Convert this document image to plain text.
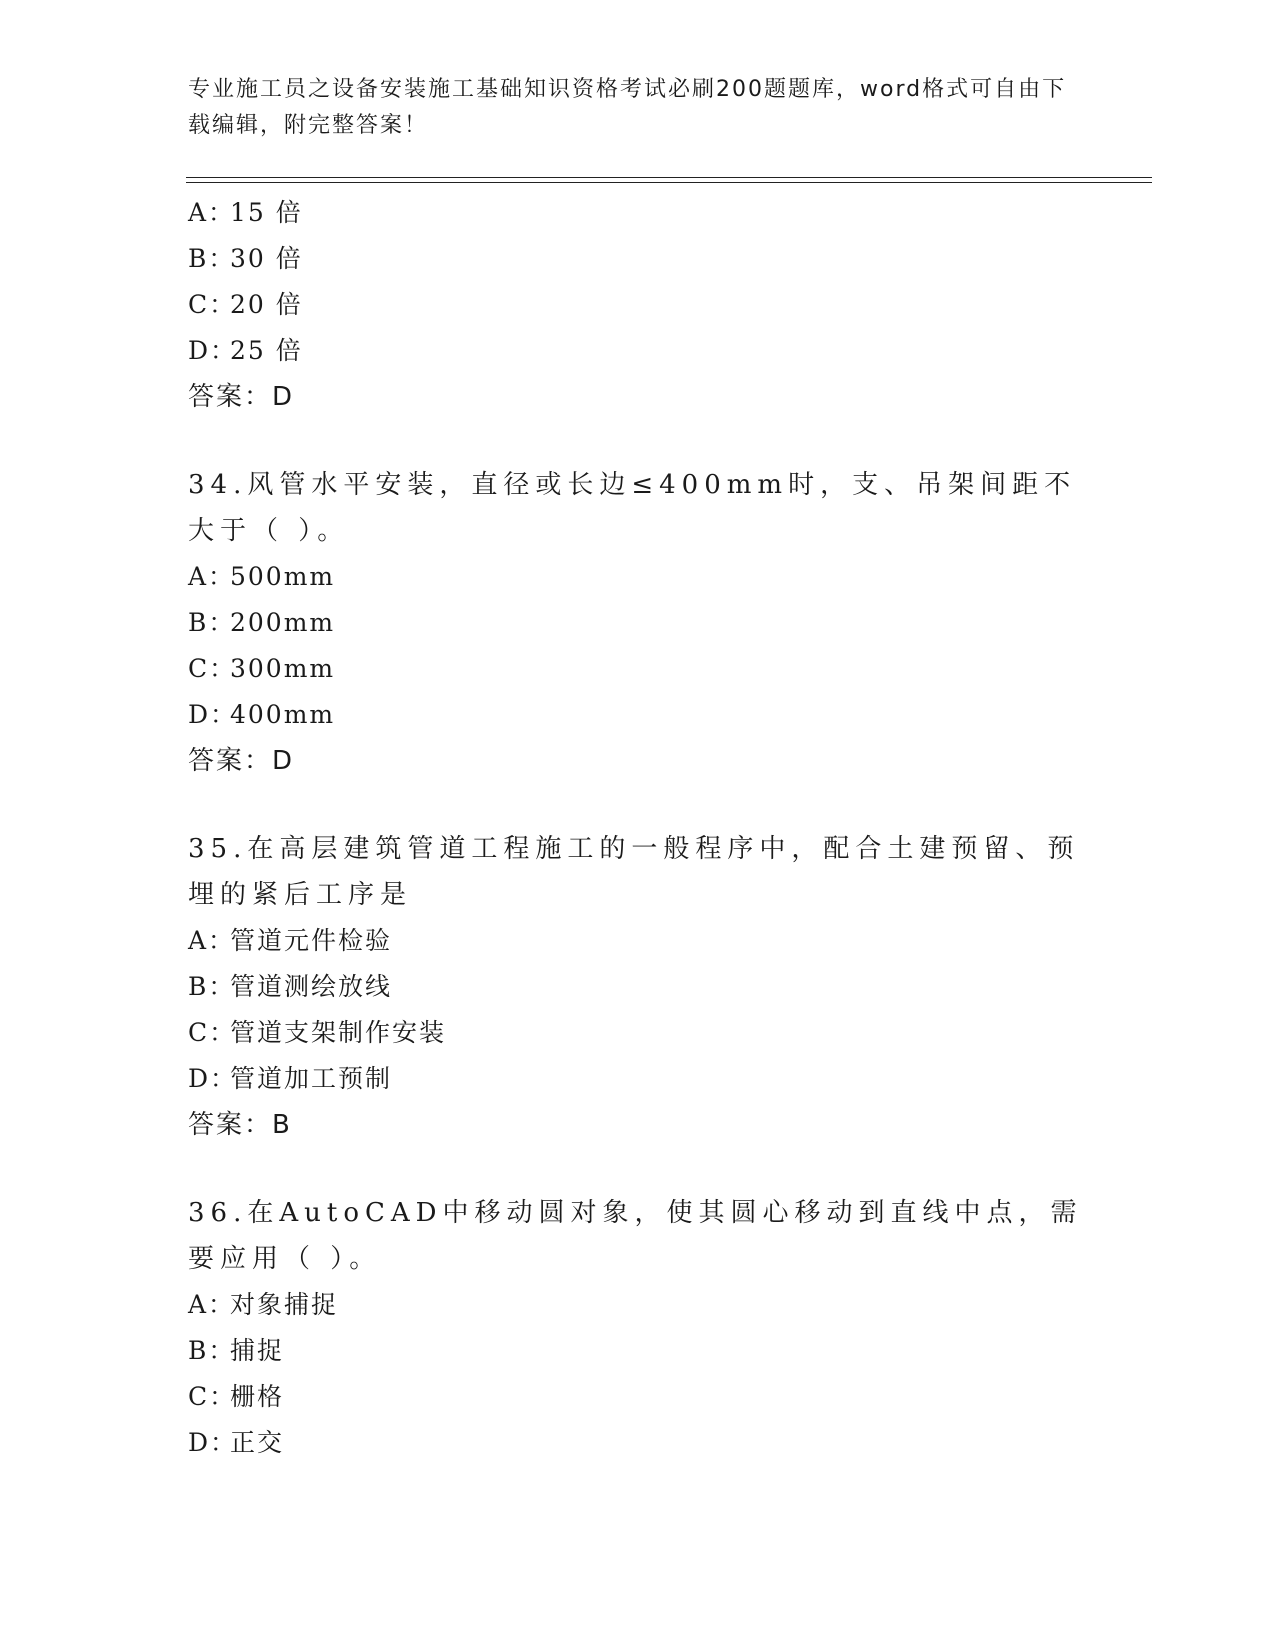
专业施工员之设备安装施工基础知识资格考试必刷200题题库，word格式可自由下载编辑，附完整答案！
A：15 倍
B：30 倍
C：20 倍
D：25 倍
答案：D
34.风管水平安装，直径或长边≤400mm时，支、吊架间距不大于（ ）。
A：500mm
B：200mm
C：300mm
D：400mm
答案：D
35.在高层建筑管道工程施工的一般程序中，配合土建预留、预埋的紧后工序是
A：管道元件检验
B：管道测绘放线
C：管道支架制作安装
D：管道加工预制
答案：B
36.在AutoCAD中移动圆对象，使其圆心移动到直线中点，需要应用（ ）。
A：对象捕捉
B：捕捉
C：栅格
D：正交
